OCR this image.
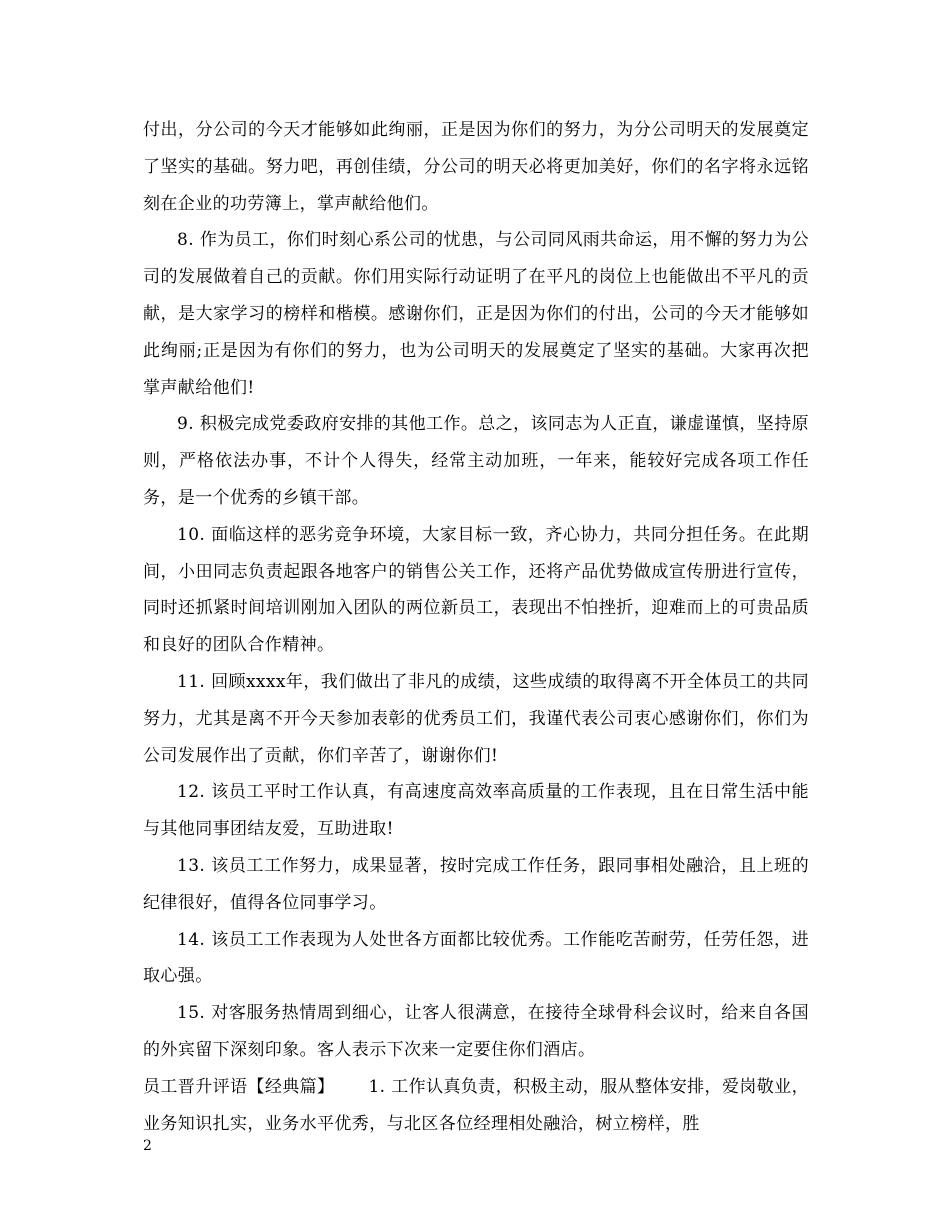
付出，分公司的今天才能够如此绚丽，正是因为你们的努力，为分公司明天的发展奠定了坚实的基础。努力吧，再创佳绩，分公司的明天必将更加美好，你们的名字将永远铭刻在企业的功劳簿上，掌声献给他们。

8. 作为员工，你们时刻心系公司的忧患，与公司同风雨共命运，用不懈的努力为公司的发展做着自己的贡献。你们用实际行动证明了在平凡的岗位上也能做出不平凡的贡献，是大家学习的榜样和楷模。感谢你们，正是因为你们的付出，公司的今天才能够如此绚丽;正是因为有你们的努力，也为公司明天的发展奠定了坚实的基础。大家再次把掌声献给他们!

9. 积极完成党委政府安排的其他工作。总之，该同志为人正直，谦虚谨慎，坚持原则，严格依法办事，不计个人得失，经常主动加班，一年来，能较好完成各项工作任务，是一个优秀的乡镇干部。

10. 面临这样的恶劣竞争环境，大家目标一致，齐心协力，共同分担任务。在此期间，小田同志负责起跟各地客户的销售公关工作，还将产品优势做成宣传册进行宣传，同时还抓紧时间培训刚加入团队的两位新员工，表现出不怕挫折，迎难而上的可贵品质和良好的团队合作精神。

11. 回顾xxxx年，我们做出了非凡的成绩，这些成绩的取得离不开全体员工的共同努力，尤其是离不开今天参加表彰的优秀员工们，我谨代表公司衷心感谢你们，你们为公司发展作出了贡献，你们辛苦了，谢谢你们!

12. 该员工平时工作认真，有高速度高效率高质量的工作表现，且在日常生活中能与其他同事团结友爱，互助进取!

13. 该员工工作努力，成果显著，按时完成工作任务，跟同事相处融洽，且上班的纪律很好，值得各位同事学习。

14. 该员工工作表现为人处世各方面都比较优秀。工作能吃苦耐劳，任劳任怨，进取心强。

15. 对客服务热情周到细心，让客人很满意，在接待全球骨科会议时，给来自各国的外宾留下深刻印象。客人表示下次来一定要住你们酒店。

员工晋升评语【经典篇】 1. 工作认真负责，积极主动，服从整体安排，爱岗敬业，业务知识扎实，业务水平优秀，与北区各位经理相处融洽，树立榜样，胜

2
